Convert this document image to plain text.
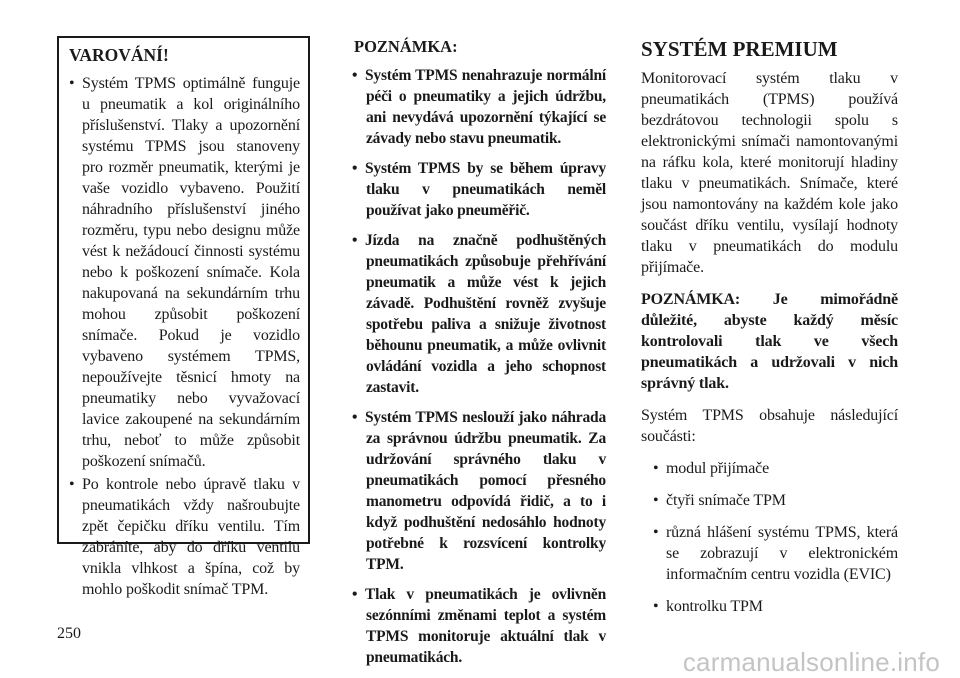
VAROVÁNÍ!
• Systém TPMS optimálně funguje u pneumatik a kol originálního příslušenství. Tlaky a upozornění systému TPMS jsou stanoveny pro rozměr pneumatik, kterými je vaše vozidlo vybaveno. Použití náhradního příslušenství jiného rozměru, typu nebo designu může vést k nežádoucí činnosti systému nebo k poškození snímače. Kola nakupovaná na sekundárním trhu mohou způsobit poškození snímače. Pokud je vozidlo vybaveno systémem TPMS, nepoužívejte těsnicí hmoty na pneumatiky nebo vyvažovací lavice zakoupené na sekundárním trhu, neboť to může způsobit poškození snímačů.
• Po kontrole nebo úpravě tlaku v pneumatikách vždy našroubujte zpět čepičku dříku ventilu. Tím zabráníte, aby do dříku ventilu vnikla vlhkost a špína, což by mohlo poškodit snímač TPM.
POZNÁMKA:
• Systém TPMS nenahrazuje normální péči o pneumatiky a jejich údržbu, ani nevydává upozornění týkající se závady nebo stavu pneumatik.
• Systém TPMS by se během úpravy tlaku v pneumatikách neměl používat jako pneuměřič.
• Jízda na značně podhuštěných pneumatikách způsobuje přehřívání pneumatik a může vést k jejich závadě. Podhuštění rovněž zvyšuje spotřebu paliva a snižuje životnost běhounu pneumatik, a může ovlivnit ovládání vozidla a jeho schopnost zastavit.
• Systém TPMS neslouží jako náhrada za správnou údržbu pneumatik. Za udržování správného tlaku v pneumatikách pomocí přesného manometru odpovídá řidič, a to i když podhuštění nedosáhlo hodnoty potřebné k rozsvícení kontrolky TPM.
• Tlak v pneumatikách je ovlivněn sezónními změnami teplot a systém TPMS monitoruje aktuální tlak v pneumatikách.
SYSTÉM PREMIUM
Monitorovací systém tlaku v pneumatikách (TPMS) používá bezdrátovou technologii spolu s elektronickými snímači namontovanými na ráfku kola, které monitorují hladiny tlaku v pneumatikách. Snímače, které jsou namontovány na každém kole jako součást dříku ventilu, vysílají hodnoty tlaku v pneumatikách do modulu přijímače.
POZNÁMKA: Je mimořádně důležité, abyste každý měsíc kontrolovali tlak ve všech pneumatikách a udržovali v nich správný tlak.
Systém TPMS obsahuje následující součásti:
• modul přijímače
• čtyři snímače TPM
• různá hlášení systému TPMS, která se zobrazují v elektronickém informačním centru vozidla (EVIC)
• kontrolku TPM
250
carmanualsonline.info
